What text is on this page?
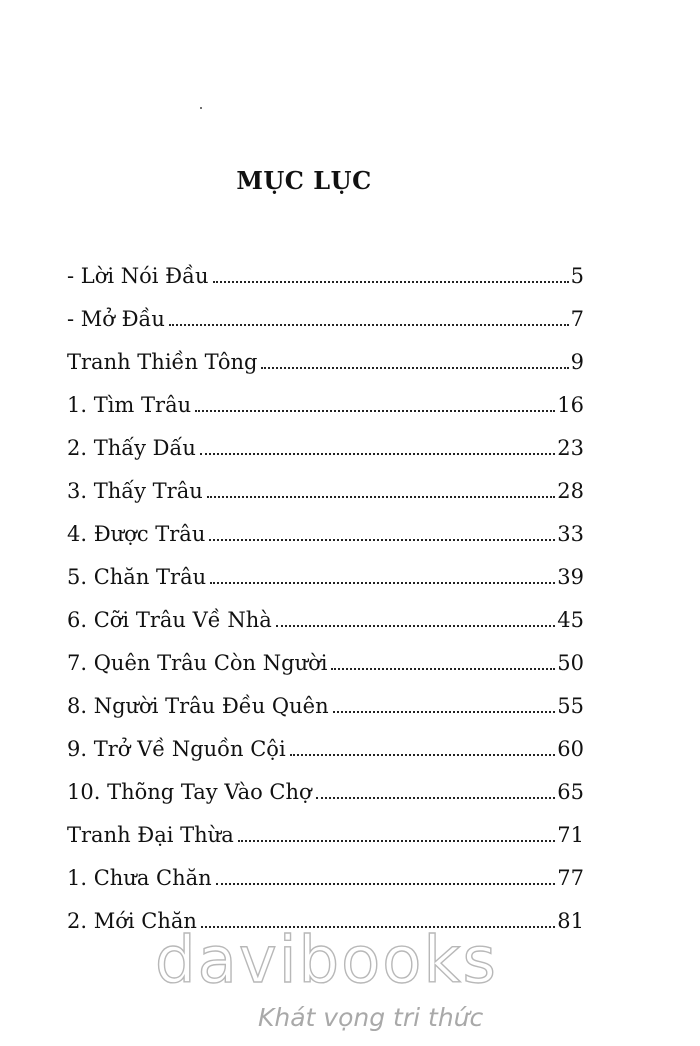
MỤC LỤC
- Lời Nói Đầu	5
- Mở Đầu	7
Tranh Thiền Tông	9
1. Tìm Trâu	16
2. Thấy Dấu	23
3. Thấy Trâu	28
4. Được Trâu	33
5. Chăn Trâu	39
6. Cỡi Trâu Về Nhà	45
7. Quên Trâu Còn Người	50
8. Người Trâu Đều Quên	55
9. Trở Về Nguồn Cội	60
10. Thõng Tay Vào Chợ	65
Tranh Đại Thừa	71
1. Chưa Chăn	77
2. Mới Chăn	81
davibooks
Khát vọng tri thức
